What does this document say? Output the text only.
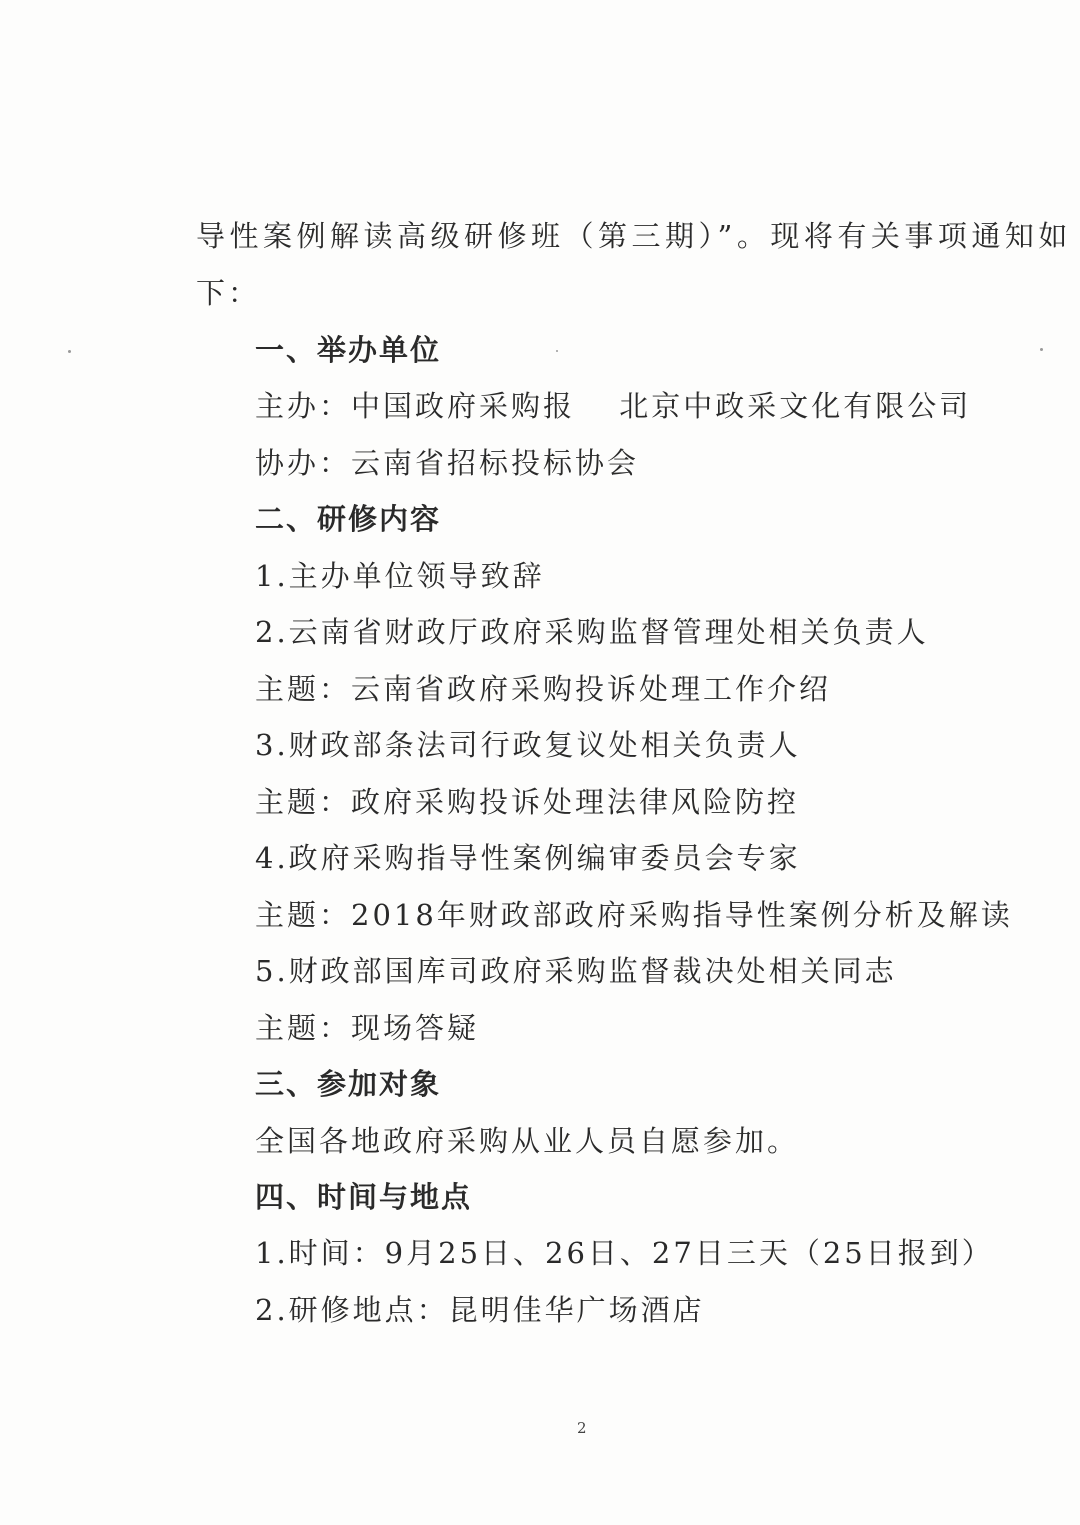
导性案例解读高级研修班（第三期）”。现将有关事项通知如
下：
一、举办单位
主办：中国政府采购报　 北京中政采文化有限公司
协办：云南省招标投标协会
二、研修内容
1.主办单位领导致辞
2.云南省财政厅政府采购监督管理处相关负责人
主题：云南省政府采购投诉处理工作介绍
3.财政部条法司行政复议处相关负责人
主题：政府采购投诉处理法律风险防控
4.政府采购指导性案例编审委员会专家
主题：2018年财政部政府采购指导性案例分析及解读
5.财政部国库司政府采购监督裁决处相关同志
主题：现场答疑
三、参加对象
全国各地政府采购从业人员自愿参加。
四、时间与地点
1.时间：9月25日、26日、27日三天（25日报到）
2.研修地点：昆明佳华广场酒店
2
